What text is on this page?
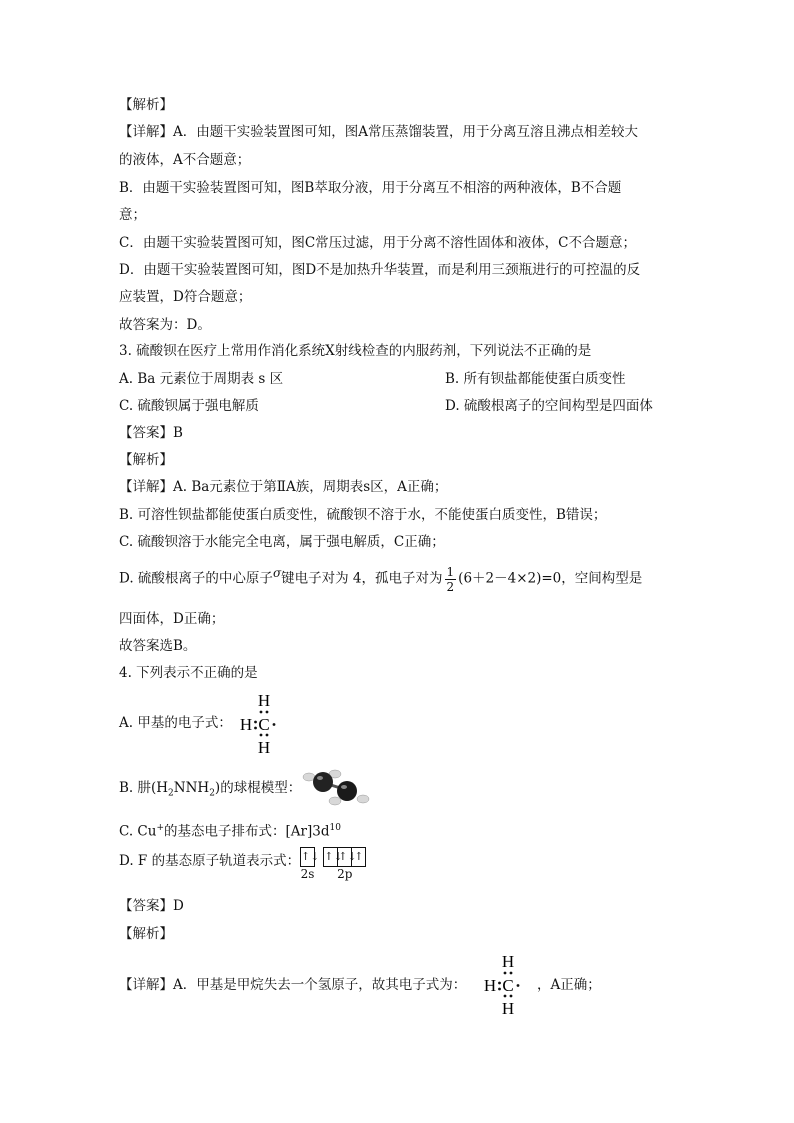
【解析】
【详解】A．由题干实验装置图可知，图A常压蒸馏装置，用于分离互溶且沸点相差较大
的液体，A不合题意；
B．由题干实验装置图可知，图B萃取分液，用于分离互不相溶的两种液体，B不合题
意；
C．由题干实验装置图可知，图C常压过滤，用于分离不溶性固体和液体，C不合题意；
D．由题干实验装置图可知，图D不是加热升华装置，而是利用三颈瓶进行的可控温的反
应装置，D符合题意；
故答案为：D。
3. 硫酸钡在医疗上常用作消化系统X射线检查的内服药剂，下列说法不正确的是
A. Ba 元素位于周期表 s 区	B. 所有钡盐都能使蛋白质变性
C. 硫酸钡属于强电解质	D. 硫酸根离子的空间构型是四面体
【答案】B
【解析】
【详解】A. Ba元素位于第ⅡA族，周期表s区，A正确；
B. 可溶性钡盐都能使蛋白质变性，硫酸钡不溶于水，不能使蛋白质变性，B错误；
C. 硫酸钡溶于水能完全电离，属于强电解质，C正确；
D. 硫酸根离子的中心原子σ键电子对为 4，孤电子对为 $\frac{1}{2} (6+2-4\times 2)=0$，空间构型是
四面体，D正确；
故答案选B。
4. 下列表示不正确的是
A. 甲基的电子式：
H
H C
H
B. 肼$(H_2NNH_2)$的球棍模型：
C. Cu+的基态电子排布式：$[Ar]3d^{10}$
D. F 的基态原子轨道表示式： ↑↓
2s

↑↓
↑↓
↑
2p
【答案】D
【解析】
【详解】A．甲基是甲烷失去一个氢原子，故其电子式为：
H
H C
H
，A正确；
